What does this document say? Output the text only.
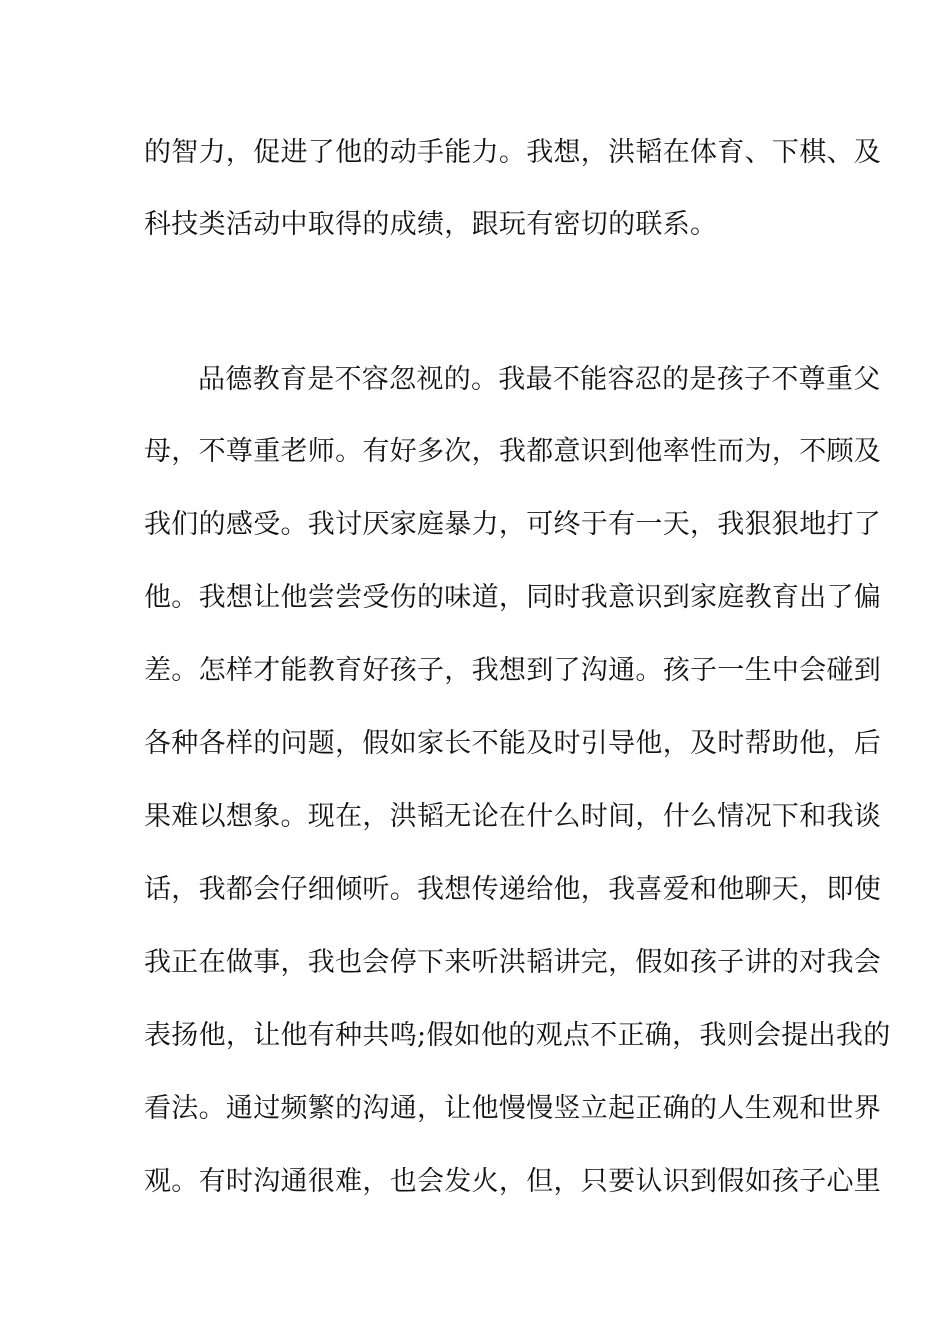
的智力，促进了他的动手能力。我想，洪韬在体育、下棋、及
科技类活动中取得的成绩，跟玩有密切的联系。
品德教育是不容忽视的。我最不能容忍的是孩子不尊重父
母，不尊重老师。有好多次，我都意识到他率性而为，不顾及
我们的感受。我讨厌家庭暴力，可终于有一天，我狠狠地打了
他。我想让他尝尝受伤的味道，同时我意识到家庭教育出了偏
差。怎样才能教育好孩子，我想到了沟通。孩子一生中会碰到
各种各样的问题，假如家长不能及时引导他，及时帮助他，后
果难以想象。现在，洪韬无论在什么时间，什么情况下和我谈
话，我都会仔细倾听。我想传递给他，我喜爱和他聊天，即使
我正在做事，我也会停下来听洪韬讲完，假如孩子讲的对我会
表扬他，让他有种共鸣;假如他的观点不正确，我则会提出我的
看法。通过频繁的沟通，让他慢慢竖立起正确的人生观和世界
观。有时沟通很难，也会发火，但，只要认识到假如孩子心里
